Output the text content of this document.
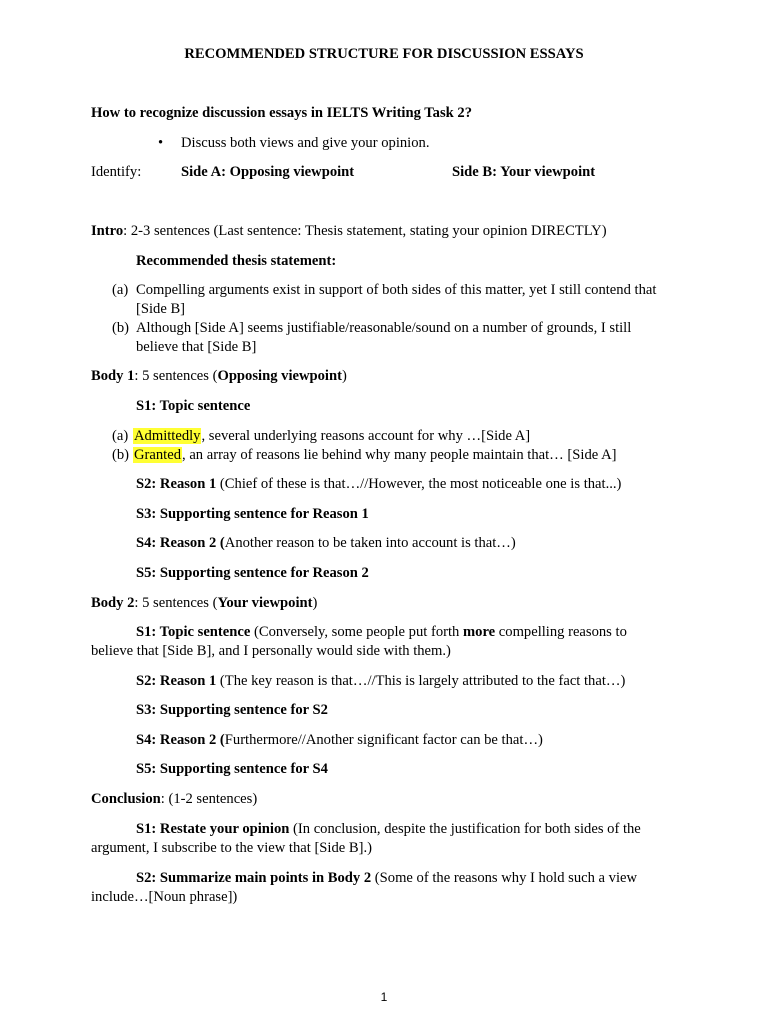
RECOMMENDED STRUCTURE FOR DISCUSSION ESSAYS
How to recognize discussion essays in IELTS Writing Task 2?
• Discuss both views and give your opinion.
Identify:	Side A: Opposing viewpoint	Side B: Your viewpoint
Intro: 2-3 sentences (Last sentence: Thesis statement, stating your opinion DIRECTLY)
Recommended thesis statement:
(a) Compelling arguments exist in support of both sides of this matter, yet I still contend that
[Side B]
(b) Although [Side A] seems justifiable/reasonable/sound on a number of grounds, I still
believe that [Side B]
Body 1: 5 sentences (Opposing viewpoint)
S1: Topic sentence
(a) Admittedly, several underlying reasons account for why …[Side A]
(b) Granted, an array of reasons lie behind why many people maintain that… [Side A]
S2: Reason 1 (Chief of these is that…//However, the most noticeable one is that...)
S3: Supporting sentence for Reason 1
S4: Reason 2 (Another reason to be taken into account is that…)
S5: Supporting sentence for Reason 2
Body 2: 5 sentences (Your viewpoint)
S1: Topic sentence (Conversely, some people put forth more compelling reasons to
believe that [Side B], and I personally would side with them.)
S2: Reason 1 (The key reason is that…//This is largely attributed to the fact that…)
S3: Supporting sentence for S2
S4: Reason 2 (Furthermore//Another significant factor can be that…)
S5: Supporting sentence for S4
Conclusion: (1-2 sentences)
S1: Restate your opinion (In conclusion, despite the justification for both sides of the
argument, I subscribe to the view that [Side B].)
S2: Summarize main points in Body 2 (Some of the reasons why I hold such a view
include…[Noun phrase])
1
